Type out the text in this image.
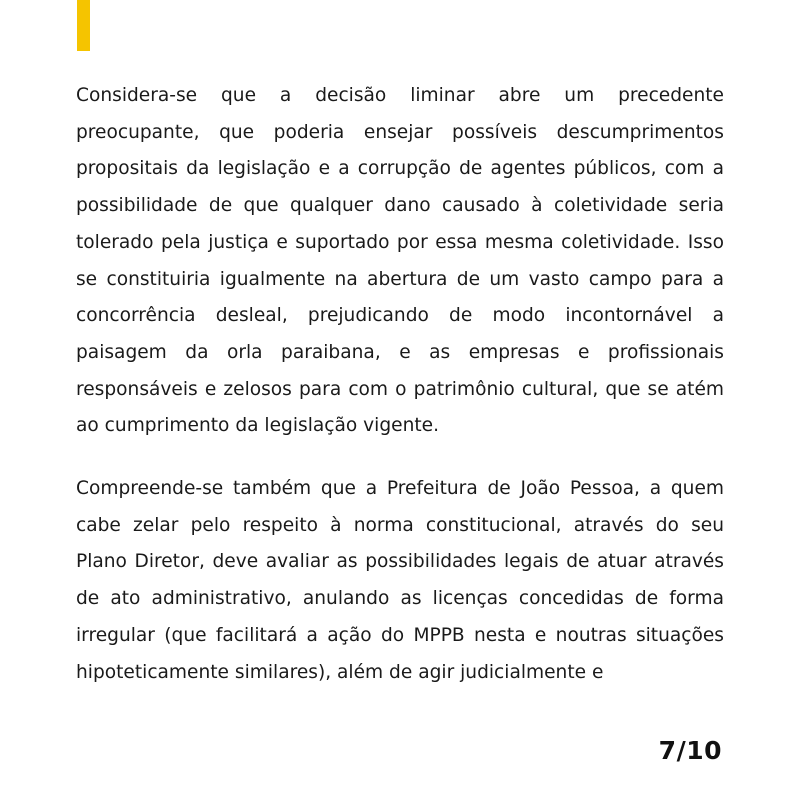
Considera-se que a decisão liminar abre um precedente preocupante, que poderia ensejar possíveis descumprimentos propositais da legislação e a corrupção de agentes públicos, com a possibilidade de que qualquer dano causado à coletividade seria tolerado pela justiça e suportado por essa mesma coletividade. Isso se constituiria igualmente na abertura de um vasto campo para a concorrência desleal, prejudicando de modo incontornável a paisagem da orla paraibana, e as empresas e profissionais responsáveis e zelosos para com o patrimônio cultural, que se atém ao cumprimento da legislação vigente.

Compreende-se também que a Prefeitura de João Pessoa, a quem cabe zelar pelo respeito à norma constitucional, através do seu Plano Diretor, deve avaliar as possibilidades legais de atuar através de ato administrativo, anulando as licenças concedidas de forma irregular (que facilitará a ação do MPPB nesta e noutras situações hipoteticamente similares), além de agir judicialmente e

7/10
